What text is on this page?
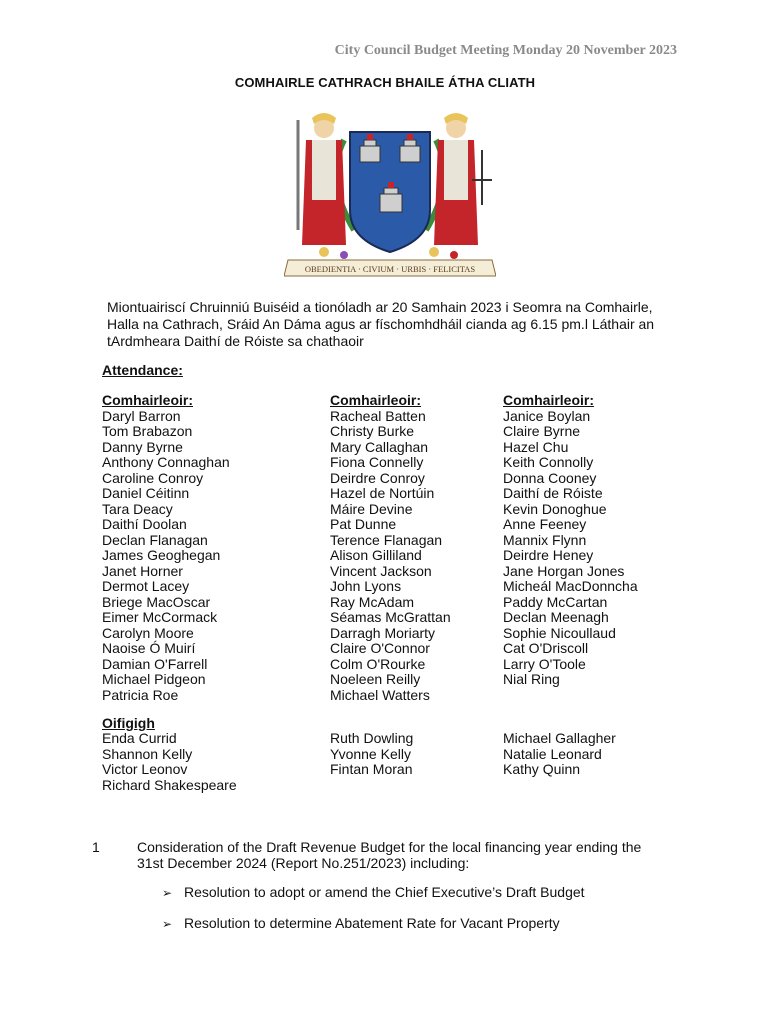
City Council Budget Meeting Monday 20 November 2023
COMHAIRLE CATHRACH BHAILE ÁTHA CLIATH
OBEDIENTIA · CIVIUM · URBIS · FELICITAS
Miontuairiscí Chruinniú Buiséid a tionóladh ar 20 Samhain 2023 i Seomra na Comhairle, Halla na Cathrach, Sráid An Dáma agus ar físchomhdháil cianda ag 6.15 pm.l Láthair an tArdmheara Daithí de Róiste sa chathaoir
Attendance:
Comhairleoir:
Daryl Barron
Tom Brabazon
Danny Byrne
Anthony Connaghan
Caroline Conroy
Daniel Céitinn
Tara Deacy
Daithí Doolan
Declan Flanagan
James Geoghegan
Janet Horner
Dermot Lacey
Briege MacOscar
Eimer McCormack
Carolyn Moore
Naoise Ó Muirí
Damian O'Farrell
Michael Pidgeon
Patricia Roe
Comhairleoir:
Racheal Batten
Christy Burke
Mary Callaghan
Fiona Connelly
Deirdre Conroy
Hazel de Nortúin
Máire Devine
Pat Dunne
Terence Flanagan
Alison Gilliland
Vincent Jackson
John Lyons
Ray McAdam
Séamas McGrattan
Darragh Moriarty
Claire O'Connor
Colm O'Rourke
Noeleen Reilly
Michael Watters
Comhairleoir:
Janice Boylan
Claire Byrne
Hazel Chu
Keith Connolly
Donna Cooney
Daithí de Róiste
Kevin Donoghue
Anne Feeney
Mannix Flynn
Deirdre Heney
Jane Horgan Jones
Micheál MacDonncha
Paddy McCartan
Declan Meenagh
Sophie Nicoullaud
Cat O'Driscoll
Larry O'Toole
Nial Ring
Oifigigh
Enda Currid
Shannon Kelly
Victor Leonov
Richard Shakespeare
Ruth Dowling
Yvonne Kelly
Fintan Moran
Michael Gallagher
Natalie Leonard
Kathy Quinn
1	Consideration of the Draft Revenue Budget for the local financing year ending the 31st December 2024 (Report No.251/2023) including:
➢ Resolution to adopt or amend the Chief Executive’s Draft Budget
➢ Resolution to determine Abatement Rate for Vacant Property
